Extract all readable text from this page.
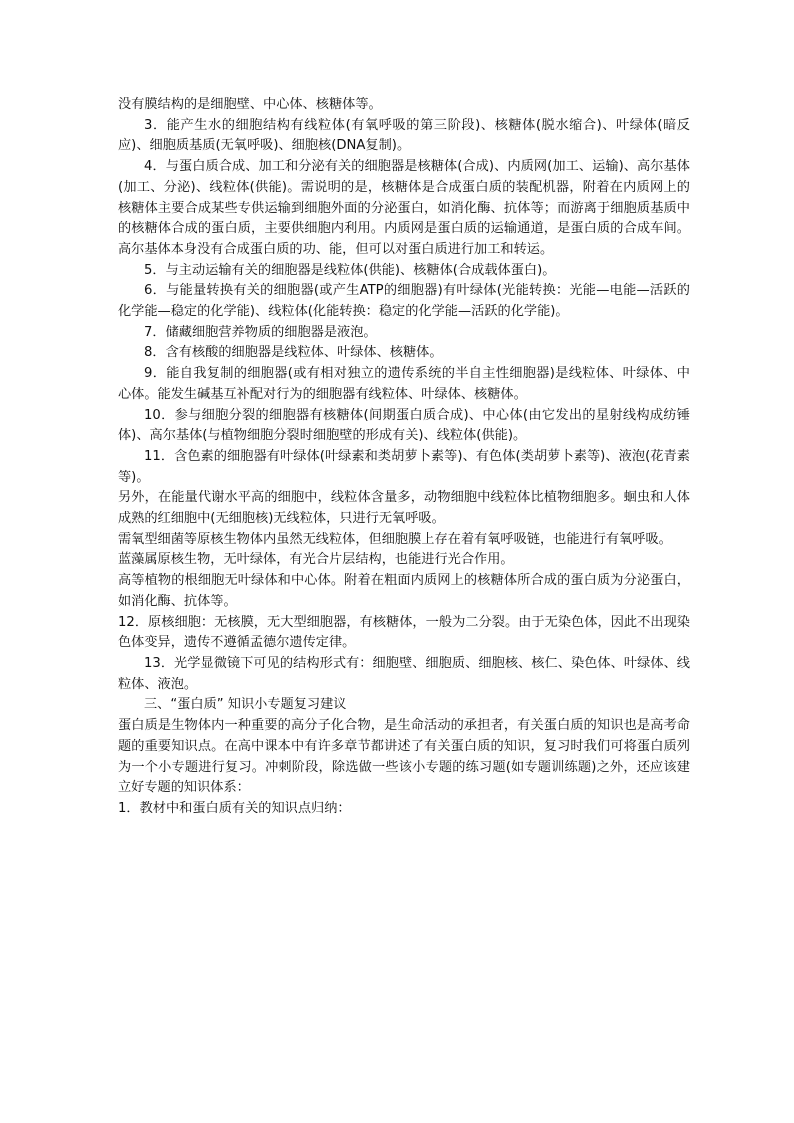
没有膜结构的是细胞壁、中心体、核糖体等。

3．能产生水的细胞结构有线粒体(有氧呼吸的第三阶段)、核糖体(脱水缩合)、叶绿体(暗反应)、细胞质基质(无氧呼吸)、细胞核(DNA复制)。

4．与蛋白质合成、加工和分泌有关的细胞器是核糖体(合成)、内质网(加工、运输)、高尔基体(加工、分泌)、线粒体(供能)。需说明的是，核糖体是合成蛋白质的装配机器，附着在内质网上的核糖体主要合成某些专供运输到细胞外面的分泌蛋白，如消化酶、抗体等；而游离于细胞质基质中的核糖体合成的蛋白质，主要供细胞内利用。内质网是蛋白质的运输通道，是蛋白质的合成车间。高尔基体本身没有合成蛋白质的功、能，但可以对蛋白质进行加工和转运。

5．与主动运输有关的细胞器是线粒体(供能)、核糖体(合成载体蛋白)。

6．与能量转换有关的细胞器(或产生ATP的细胞器)有叶绿体(光能转换：光能—电能—活跃的化学能—稳定的化学能)、线粒体(化能转换：稳定的化学能—活跃的化学能)。

7．储藏细胞营养物质的细胞器是液泡。

8．含有核酸的细胞器是线粒体、叶绿体、核糖体。

9．能自我复制的细胞器(或有相对独立的遗传系统的半自主性细胞器)是线粒体、叶绿体、中心体。能发生碱基互补配对行为的细胞器有线粒体、叶绿体、核糖体。

10．参与细胞分裂的细胞器有核糖体(间期蛋白质合成)、中心体(由它发出的星射线构成纺锤体)、高尔基体(与植物细胞分裂时细胞壁的形成有关)、线粒体(供能)。

11．含色素的细胞器有叶绿体(叶绿素和类胡萝卜素等)、有色体(类胡萝卜素等)、液泡(花青素等)。

另外，在能量代谢水平高的细胞中，线粒体含量多，动物细胞中线粒体比植物细胞多。蛔虫和人体成熟的红细胞中(无细胞核)无线粒体，只进行无氧呼吸。

需氧型细菌等原核生物体内虽然无线粒体，但细胞膜上存在着有氧呼吸链，也能进行有氧呼吸。

蓝藻属原核生物，无叶绿体，有光合片层结构，也能进行光合作用。

高等植物的根细胞无叶绿体和中心体。附着在粗面内质网上的核糖体所合成的蛋白质为分泌蛋白，如消化酶、抗体等。

12．原核细胞：无核膜，无大型细胞器，有核糖体，一般为二分裂。由于无染色体，因此不出现染色体变异，遗传不遵循孟德尔遗传定律。

13．光学显微镜下可见的结构形式有：细胞壁、细胞质、细胞核、核仁、染色体、叶绿体、线粒体、液泡。

三、“蛋白质” 知识小专题复习建议

蛋白质是生物体内一种重要的高分子化合物，是生命活动的承担者，有关蛋白质的知识也是高考命题的重要知识点。在高中课本中有许多章节都讲述了有关蛋白质的知识，复习时我们可将蛋白质列为一个小专题进行复习。冲刺阶段，除选做一些该小专题的练习题(如专题训练题)之外，还应该建立好专题的知识体系：

1．教材中和蛋白质有关的知识点归纳：
